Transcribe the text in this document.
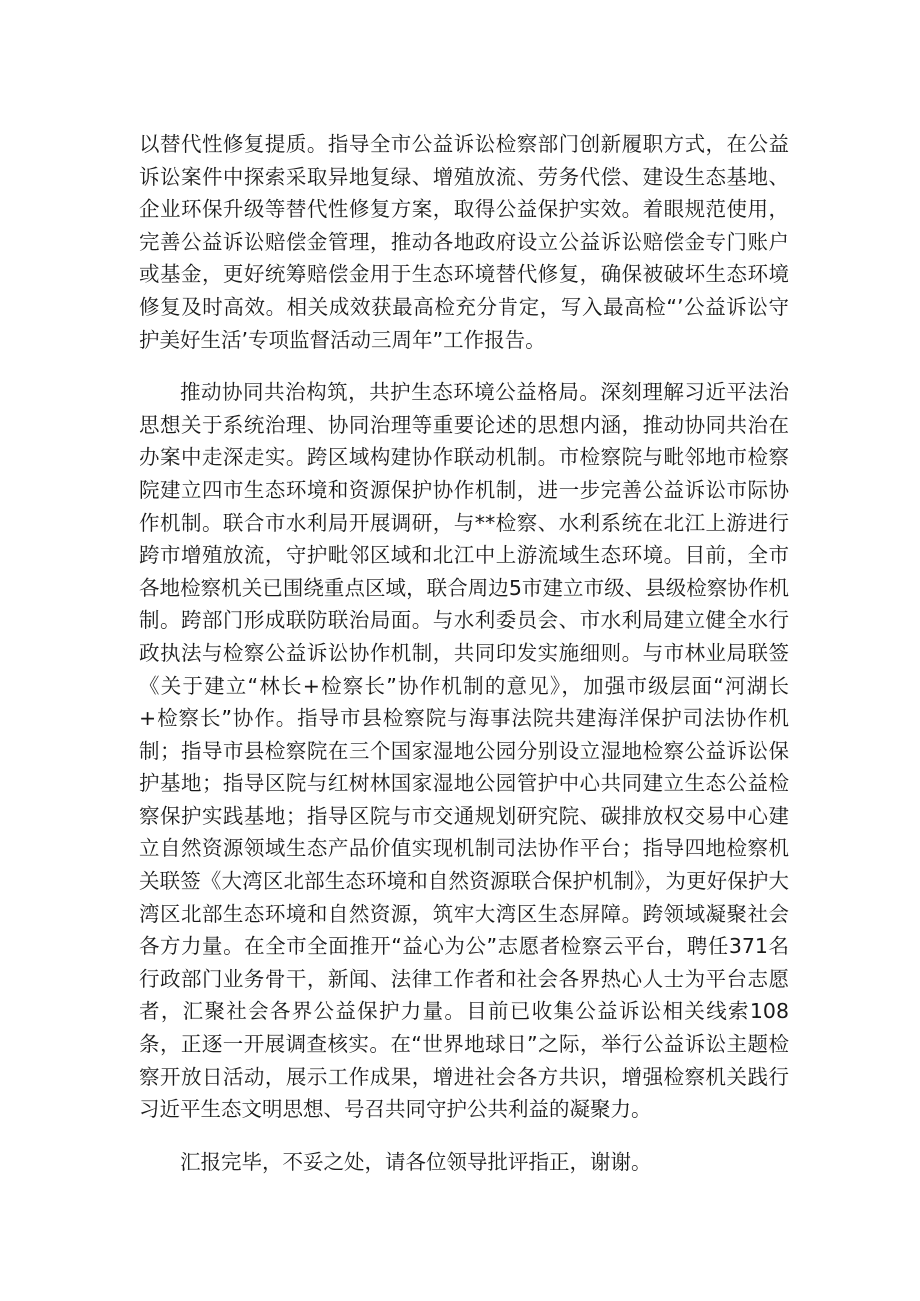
以替代性修复提质。指导全市公益诉讼检察部门创新履职方式，在公益诉讼案件中探索采取异地复绿、增殖放流、劳务代偿、建设生态基地、企业环保升级等替代性修复方案，取得公益保护实效。着眼规范使用，完善公益诉讼赔偿金管理，推动各地政府设立公益诉讼赔偿金专门账户或基金，更好统筹赔偿金用于生态环境替代修复，确保被破坏生态环境修复及时高效。相关成效获最高检充分肯定，写入最高检“’公益诉讼守护美好生活’专项监督活动三周年”工作报告。

推动协同共治构筑，共护生态环境公益格局。深刻理解习近平法治思想关于系统治理、协同治理等重要论述的思想内涵，推动协同共治在办案中走深走实。跨区域构建协作联动机制。市检察院与毗邻地市检察院建立四市生态环境和资源保护协作机制，进一步完善公益诉讼市际协作机制。联合市水利局开展调研，与**检察、水利系统在北江上游进行跨市增殖放流，守护毗邻区域和北江中上游流域生态环境。目前，全市各地检察机关已围绕重点区域，联合周边5市建立市级、县级检察协作机制。跨部门形成联防联治局面。与水利委员会、市水利局建立健全水行政执法与检察公益诉讼协作机制，共同印发实施细则。与市林业局联签《关于建立“林长+检察长”协作机制的意见》，加强市级层面“河湖长+检察长”协作。指导市县检察院与海事法院共建海洋保护司法协作机制；指导市县检察院在三个国家湿地公园分别设立湿地检察公益诉讼保护基地；指导区院与红树林国家湿地公园管护中心共同建立生态公益检察保护实践基地；指导区院与市交通规划研究院、碳排放权交易中心建立自然资源领域生态产品价值实现机制司法协作平台；指导四地检察机关联签《大湾区北部生态环境和自然资源联合保护机制》，为更好保护大湾区北部生态环境和自然资源，筑牢大湾区生态屏障。跨领域凝聚社会各方力量。在全市全面推开“益心为公”志愿者检察云平台，聘任371名行政部门业务骨干，新闻、法律工作者和社会各界热心人士为平台志愿者，汇聚社会各界公益保护力量。目前已收集公益诉讼相关线索108条，正逐一开展调查核实。在“世界地球日”之际，举行公益诉讼主题检察开放日活动，展示工作成果，增进社会各方共识，增强检察机关践行习近平生态文明思想、号召共同守护公共利益的凝聚力。

汇报完毕，不妥之处，请各位领导批评指正，谢谢。
